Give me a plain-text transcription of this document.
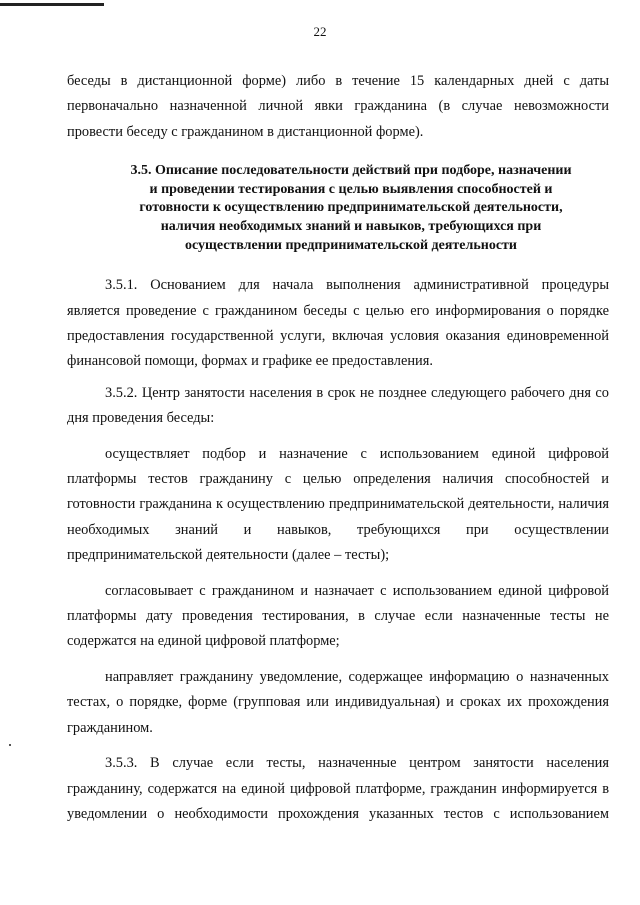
22

беседы в дистанционной форме) либо в течение 15 календарных дней с даты первоначально назначенной личной явки гражданина (в случае невозможности провести беседу с гражданином в дистанционной форме).

3.5. Описание последовательности действий при подборе, назначении
и проведении тестирования с целью выявления способностей и
готовности к осуществлению предпринимательской деятельности,
наличия необходимых знаний и навыков, требующихся при
осуществлении предпринимательской деятельности

3.5.1. Основанием для начала выполнения административной процедуры является проведение с гражданином беседы с целью его информирования о порядке предоставления государственной услуги, включая условия оказания единовременной финансовой помощи, формах и графике ее предоставления.

3.5.2. Центр занятости населения в срок не позднее следующего рабочего дня со дня проведения беседы:

осуществляет подбор и назначение с использованием единой цифровой платформы тестов гражданину с целью определения наличия способностей и готовности гражданина к осуществлению предпринимательской деятельности, наличия необходимых знаний и навыков, требующихся при осуществлении предпринимательской деятельности (далее – тесты);

согласовывает с гражданином и назначает с использованием единой цифровой платформы дату проведения тестирования, в случае если назначенные тесты не содержатся на единой цифровой платформе;

направляет гражданину уведомление, содержащее информацию о назначенных тестах, о порядке, форме (групповая или индивидуальная) и сроках их прохождения гражданином.

3.5.3. В случае если тесты, назначенные центром занятости населения гражданину, содержатся на единой цифровой платформе, гражданин информируется в уведомлении о необходимости прохождения указанных тестов с использованием
